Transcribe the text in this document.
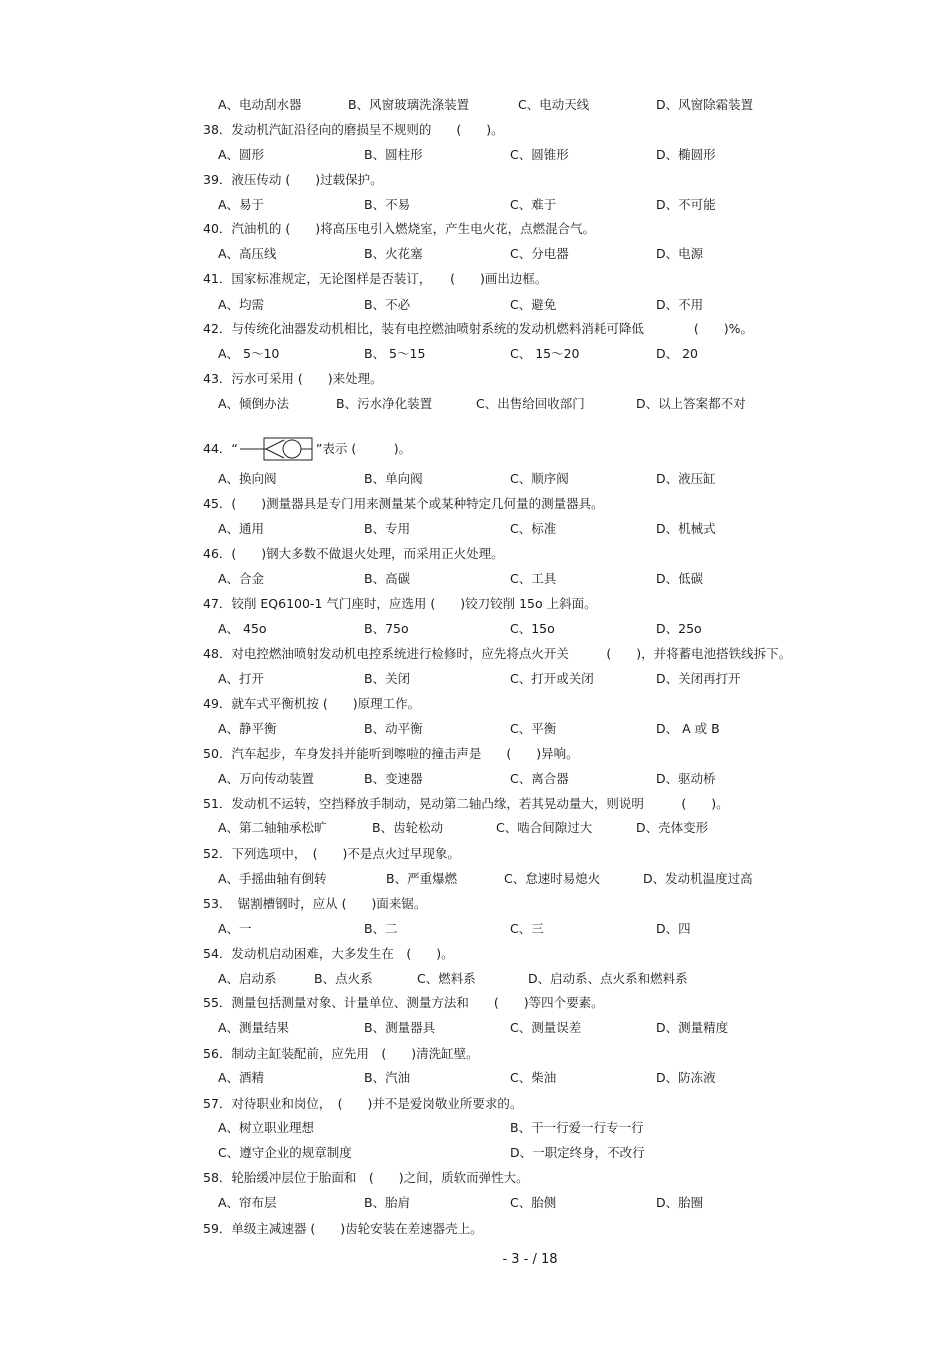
A、电动刮水器	B、风窗玻璃洗涤装置	C、电动天线	D、风窗除霜装置
38．发动机汽缸沿径向的磨损呈不规则的　　(　　)。
A、圆形	B、圆柱形	C、圆锥形	D、椭圆形
39．液压传动 (　　)过载保护。
A、易于	B、不易	C、难于	D、不可能
40．汽油机的 (　　)将高压电引入燃烧室，产生电火花，点燃混合气。
A、高压线	B、火花塞	C、分电器	D、电源
41．国家标准规定，无论图样是否装订，　　(　　)画出边框。
A、均需	B、不必	C、避免	D、不用
42．与传统化油器发动机相比，装有电控燃油喷射系统的发动机燃料消耗可降低　　　　(　　)%。
A、 5～10	B、 5～15	C、 15～20	D、 20
43．污水可采用 (　　)来处理。
A、倾倒办法	B、污水净化装置	C、出售给回收部门	D、以上答案都不对
44．“	”表示 (　　　)。
A、换向阀	B、单向阀	C、顺序阀	D、液压缸
45．(　　)测量器具是专门用来测量某个或某种特定几何量的测量器具。
A、通用	B、专用	C、标准	D、机械式
46．(　　)钢大多数不做退火处理，而采用正火处理。
A、合金	B、高碳	C、工具	D、低碳
47．铰削 EQ6100-1 气门座时，应选用 (　　)铰刀铰削 15o 上斜面。
A、 45o	B、75o	C、15o	D、25o
48．对电控燃油喷射发动机电控系统进行检修时，应先将点火开关　　　(　　)，并将蓄电池搭铁线拆下。
A、打开	B、关闭	C、打开或关闭	D、关闭再打开
49．就车式平衡机按 (　　)原理工作。
A、静平衡	B、动平衡	C、平衡	D、 A 或 B
50．汽车起步，车身发抖并能听到嚓啦的撞击声是　　(　　)异响。
A、万向传动装置	B、变速器	C、离合器	D、驱动桥
51．发动机不运转，空挡释放手制动，晃动第二轴凸缘，若其晃动量大，则说明　　　(　　)。
A、第二轴轴承松旷	B、齿轮松动	C、啮合间隙过大	D、壳体变形
52．下列选项中，　(　　)不是点火过早现象。
A、手摇曲轴有倒转	B、严重爆燃	C、怠速时易熄火	D、发动机温度过高
53．　锯割槽钢时，应从 (　　)面来锯。
A、一	B、二	C、三	D、四
54．发动机启动困难，大多发生在　(　　)。
A、启动系	B、点火系	C、燃料系	D、启动系、点火系和燃料系
55．测量包括测量对象、计量单位、测量方法和　　(　　)等四个要素。
A、测量结果	B、测量器具	C、测量误差	D、测量精度
56．制动主缸装配前，应先用　(　　)清洗缸壁。
A、酒精	B、汽油	C、柴油	D、防冻液
57．对待职业和岗位，　(　　)并不是爱岗敬业所要求的。
A、树立职业理想	B、干一行爱一行专一行
C、遵守企业的规章制度	D、一职定终身，不改行
58．轮胎缓冲层位于胎面和　(　　)之间，质软而弹性大。
A、帘布层	B、胎肩	C、胎侧	D、胎圈
59．单级主减速器 (　　)齿轮安装在差速器壳上。
- 3 - / 18
